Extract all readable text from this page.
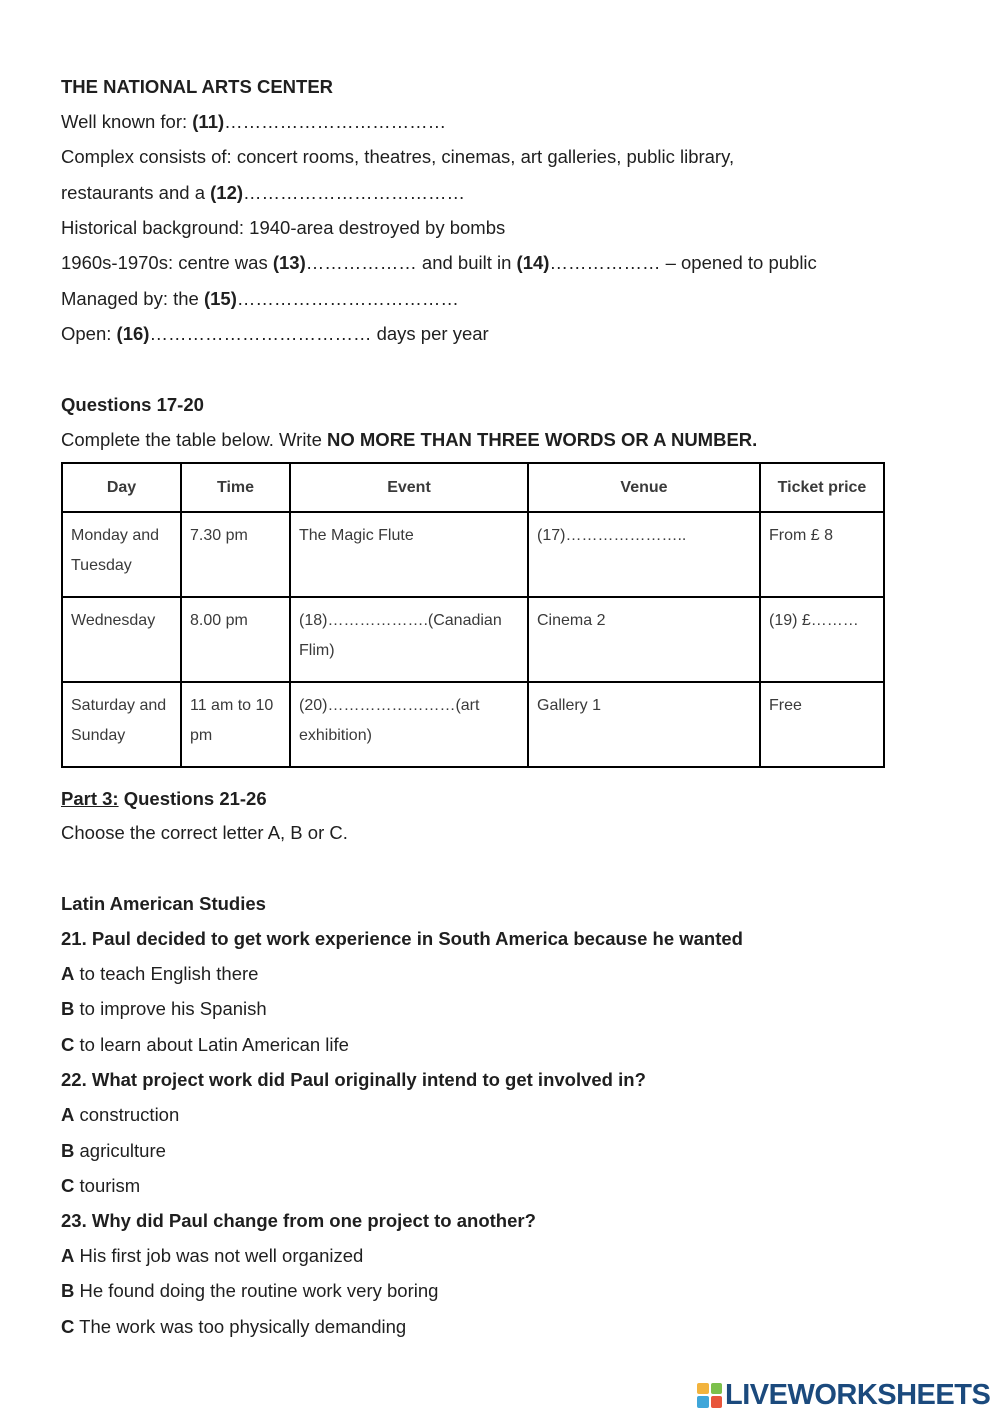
THE NATIONAL ARTS CENTER
Well known for: (11)………………………………
Complex consists of: concert rooms, theatres, cinemas, art galleries, public library,
restaurants and a (12)………………………………
Historical background: 1940-area destroyed by bombs
1960s-1970s: centre was (13)……………… and built in (14)……………… – opened to public
Managed by: the (15)………………………………
Open: (16)……………………………… days per year
Questions 17-20
Complete the table below. Write NO MORE THAN THREE WORDS OR A NUMBER.
Day	Time	Event	Venue	Ticket price
Monday and Tuesday	7.30 pm	The Magic Flute	(17)…………………..	From £ 8
Wednesday	8.00 pm	(18)……………….(Canadian Flim)	Cinema 2	(19) £………
Saturday and Sunday	11 am to 10 pm	(20)……………………(art exhibition)	Gallery 1	Free
Part 3: Questions 21-26
Choose the correct letter A, B or C.
Latin American Studies
21. Paul decided to get work experience in South America because he wanted
A to teach English there
B to improve his Spanish
C to learn about Latin American life
22. What project work did Paul originally intend to get involved in?
A construction
B agriculture
C tourism
23. Why did Paul change from one project to another?
A His first job was not well organized
B He found doing the routine work very boring
C The work was too physically demanding
LIVEWORKSHEETS
